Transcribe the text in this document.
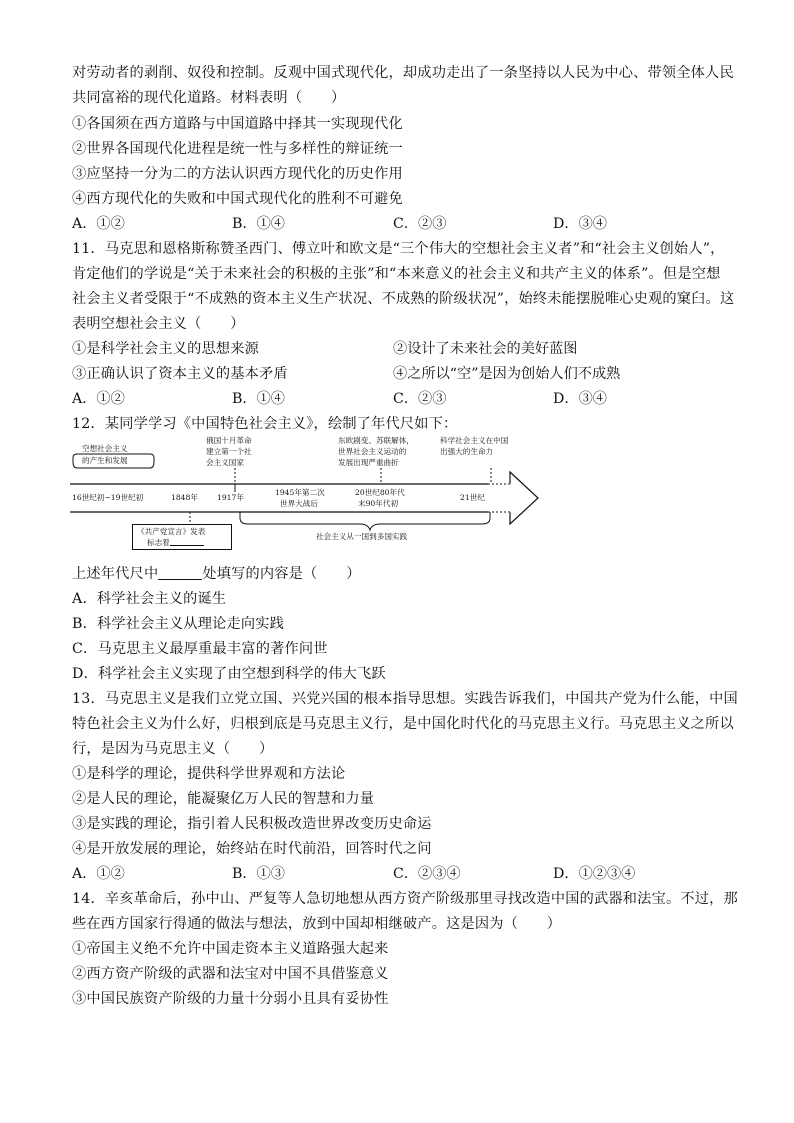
对劳动者的剥削、奴役和控制。反观中国式现代化，却成功走出了一条坚持以人民为中心、带领全体人民
共同富裕的现代化道路。材料表明（　　）
①各国须在西方道路与中国道路中择其一实现现代化
②世界各国现代化进程是统一性与多样性的辩证统一
③应坚持一分为二的方法认识西方现代化的历史作用
④西方现代化的失败和中国式现代化的胜利不可避免
A．①②	B．①④	C．②③	D．③④
11．马克思和恩格斯称赞圣西门、傅立叶和欧文是“三个伟大的空想社会主义者”和“社会主义创始人”，
肯定他们的学说是“关于未来社会的积极的主张”和“本来意义的社会主义和共产主义的体系”。但是空想
社会主义者受限于“不成熟的资本主义生产状况、不成熟的阶级状况”，始终未能摆脱唯心史观的窠臼。这
表明空想社会主义（　　）
①是科学社会主义的思想来源	②设计了未来社会的美好蓝图
③正确认识了资本主义的基本矛盾	④之所以“空”是因为创始人们不成熟
A．①②	B．①④	C．②③	D．③④
12．某同学学习《中国特色社会主义》，绘制了年代尺如下：
空想社会主义
的产生和发展
俄国十月革命
建立第一个社
会主义国家
东欧剧变、苏联解体，
世界社会主义运动的
发展出现严重曲折
科学社会主义在中国
出强大的生命力
16世纪初~19世纪初	1848年	1917年
1945年第二次
世界大战后
20世纪80年代
末90年代初
21世纪
《共产党宣言》发表
标志着
社会主义从一国到多国实践
上述年代尺中	处填写的内容是（　　）
A．科学社会主义的诞生
B．科学社会主义从理论走向实践
C．马克思主义最厚重最丰富的著作问世
D．科学社会主义实现了由空想到科学的伟大飞跃
13．马克思主义是我们立党立国、兴党兴国的根本指导思想。实践告诉我们，中国共产党为什么能，中国
特色社会主义为什么好，归根到底是马克思主义行，是中国化时代化的马克思主义行。马克思主义之所以
行，是因为马克思主义（　　）
①是科学的理论，提供科学世界观和方法论
②是人民的理论，能凝聚亿万人民的智慧和力量
③是实践的理论，指引着人民积极改造世界改变历史命运
④是开放发展的理论，始终站在时代前沿，回答时代之问
A．①②	B．①③	C．②③④	D．①②③④
14．辛亥革命后，孙中山、严复等人急切地想从西方资产阶级那里寻找改造中国的武器和法宝。不过，那
些在西方国家行得通的做法与想法，放到中国却相继破产。这是因为（　　）
①帝国主义绝不允许中国走资本主义道路强大起来
②西方资产阶级的武器和法宝对中国不具借鉴意义
③中国民族资产阶级的力量十分弱小且具有妥协性
